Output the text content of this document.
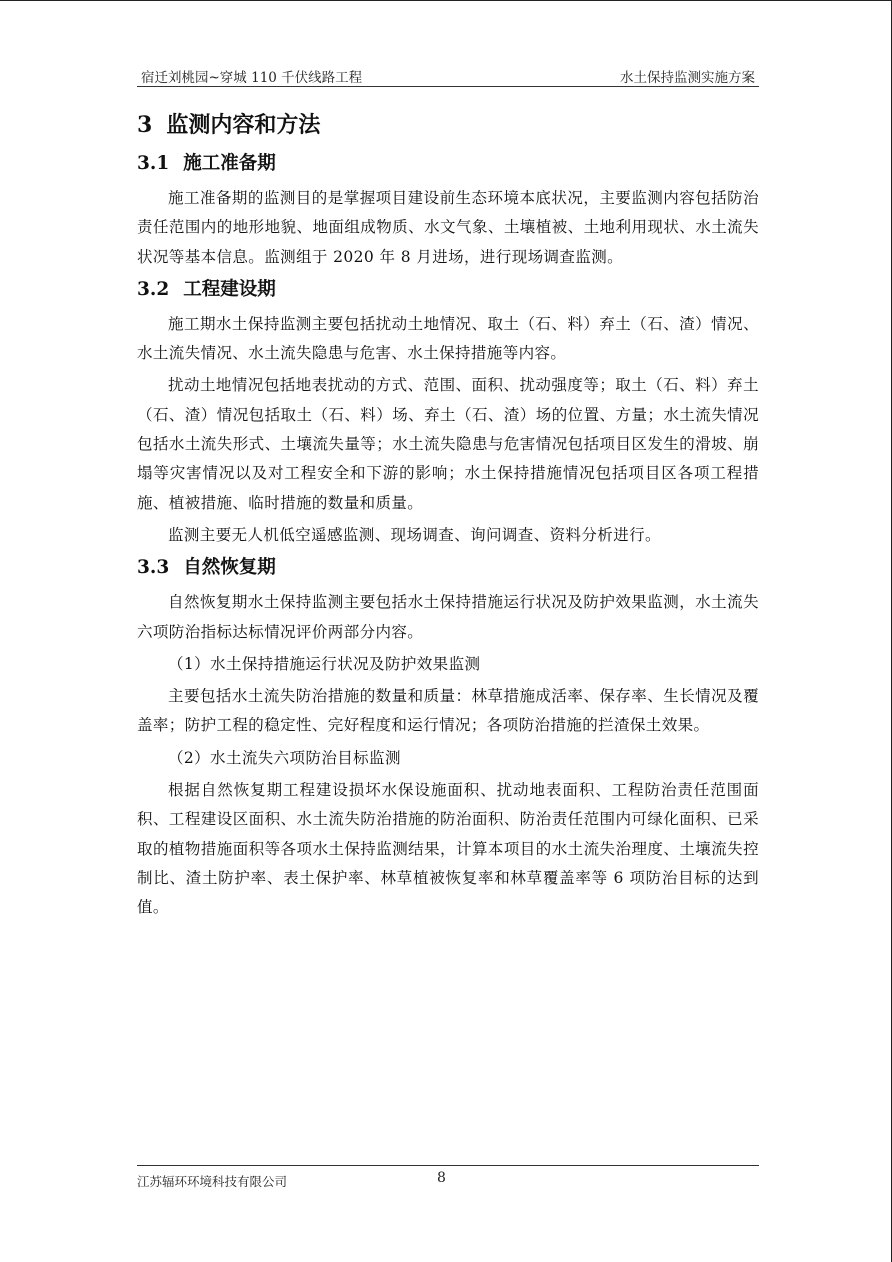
宿迁刘桃园~穿城 110 千伏线路工程	水土保持监测实施方案
3 监测内容和方法
3.1 施工准备期

施工准备期的监测目的是掌握项目建设前生态环境本底状况，主要监测内容包括防治责任范围内的地形地貌、地面组成物质、水文气象、土壤植被、土地利用现状、水土流失状况等基本信息。监测组于 2020 年 8 月进场，进行现场调查监测。

3.2 工程建设期

施工期水土保持监测主要包括扰动土地情况、取土（石、料）弃土（石、渣）情况、水土流失情况、水土流失隐患与危害、水土保持措施等内容。

扰动土地情况包括地表扰动的方式、范围、面积、扰动强度等；取土（石、料）弃土（石、渣）情况包括取土（石、料）场、弃土（石、渣）场的位置、方量；水土流失情况包括水土流失形式、土壤流失量等；水土流失隐患与危害情况包括项目区发生的滑坡、崩塌等灾害情况以及对工程安全和下游的影响；水土保持措施情况包括项目区各项工程措施、植被措施、临时措施的数量和质量。

监测主要无人机低空遥感监测、现场调查、询问调查、资料分析进行。

3.3 自然恢复期

自然恢复期水土保持监测主要包括水土保持措施运行状况及防护效果监测，水土流失六项防治指标达标情况评价两部分内容。

（1）水土保持措施运行状况及防护效果监测

主要包括水土流失防治措施的数量和质量：林草措施成活率、保存率、生长情况及覆盖率；防护工程的稳定性、完好程度和运行情况；各项防治措施的拦渣保土效果。

（2）水土流失六项防治目标监测

根据自然恢复期工程建设损坏水保设施面积、扰动地表面积、工程防治责任范围面积、工程建设区面积、水土流失防治措施的防治面积、防治责任范围内可绿化面积、已采取的植物措施面积等各项水土保持监测结果，计算本项目的水土流失治理度、土壤流失控制比、渣土防护率、表土保护率、林草植被恢复率和林草覆盖率等 6 项防治目标的达到值。

江苏辐环环境科技有限公司	8
